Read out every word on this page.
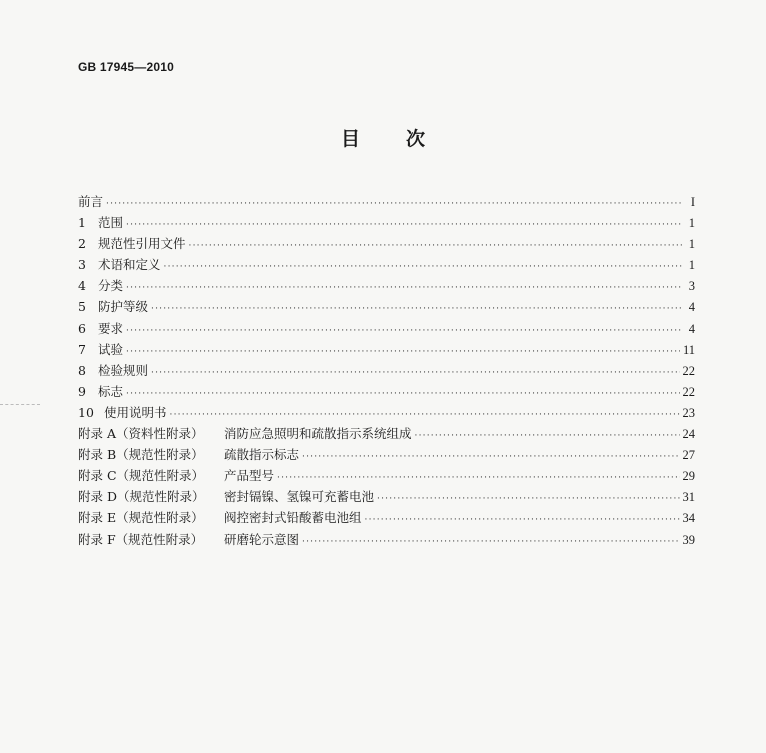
GB 17945—2010
目次
前言 ·····	I
1 范围 ·····	1
2 规范性引用文件 ·····	1
3 术语和定义 ·····	1
4 分类 ·····	3
5 防护等级 ·····	4
6 要求 ·····	4
7 试验 ·····	11
8 检验规则 ·····	22
9 标志 ·····	22
10 使用说明书 ·····	23
附录 A（资料性附录）	消防应急照明和疏散指示系统组成 ·····	24
附录 B（规范性附录）	疏散指示标志 ·····	27
附录 C（规范性附录）	产品型号 ·····	29
附录 D（规范性附录）	密封镉镍、氢镍可充蓄电池 ·····	31
附录 E（规范性附录）	阀控密封式铅酸蓄电池组 ·····	34
附录 F（规范性附录）	研磨轮示意图 ·····	39
